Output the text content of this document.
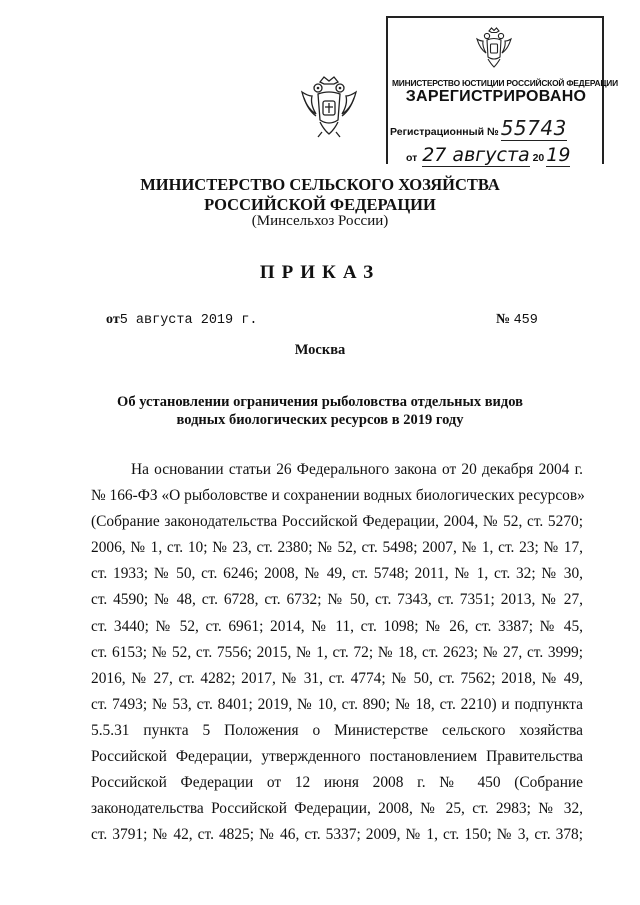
МИНИСТЕРСТВО ЮСТИЦИИ РОССИЙСКОЙ ФЕДЕРАЦИИ
ЗАРЕГИСТРИРОВАНО
Регистрационный № 55743
от 27 августа 20 19
МИНИСТЕРСТВО СЕЛЬСКОГО ХОЗЯЙСТВА
РОССИЙСКОЙ ФЕДЕРАЦИИ
(Минсельхоз России)
ПРИКАЗ
от5 августа 2019 г.	№ 459
Москва
Об установлении ограничения рыболовства отдельных видов
водных биологических ресурсов в 2019 году
На основании статьи 26 Федерального закона от 20 декабря 2004 г.
№ 166-ФЗ «О рыболовстве и сохранении водных биологических ресурсов»
(Собрание законодательства Российской Федерации, 2004, № 52, ст. 5270;
2006, № 1, ст. 10; № 23, ст. 2380; № 52, ст. 5498; 2007, № 1, ст. 23; № 17,
ст. 1933; № 50, ст. 6246; 2008, № 49, ст. 5748; 2011, № 1, ст. 32; № 30,
ст. 4590; № 48, ст. 6728, ст. 6732; № 50, ст. 7343, ст. 7351; 2013, № 27,
ст. 3440; № 52, ст. 6961; 2014, № 11, ст. 1098; № 26, ст. 3387; № 45,
ст. 6153; № 52, ст. 7556; 2015, № 1, ст. 72; № 18, ст. 2623; № 27, ст. 3999;
2016, № 27, ст. 4282; 2017, № 31, ст. 4774; № 50, ст. 7562; 2018, № 49,
ст. 7493; № 53, ст. 8401; 2019, № 10, ст. 890; № 18, ст. 2210) и подпункта
5.5.31 пункта 5 Положения о Министерстве сельского хозяйства
Российской Федерации, утвержденного постановлением Правительства
Российской Федерации от 12 июня 2008 г. № 450 (Собрание
законодательства Российской Федерации, 2008, № 25, ст. 2983; № 32,
ст. 3791; № 42, ст. 4825; № 46, ст. 5337; 2009, № 1, ст. 150; № 3, ст. 378;
